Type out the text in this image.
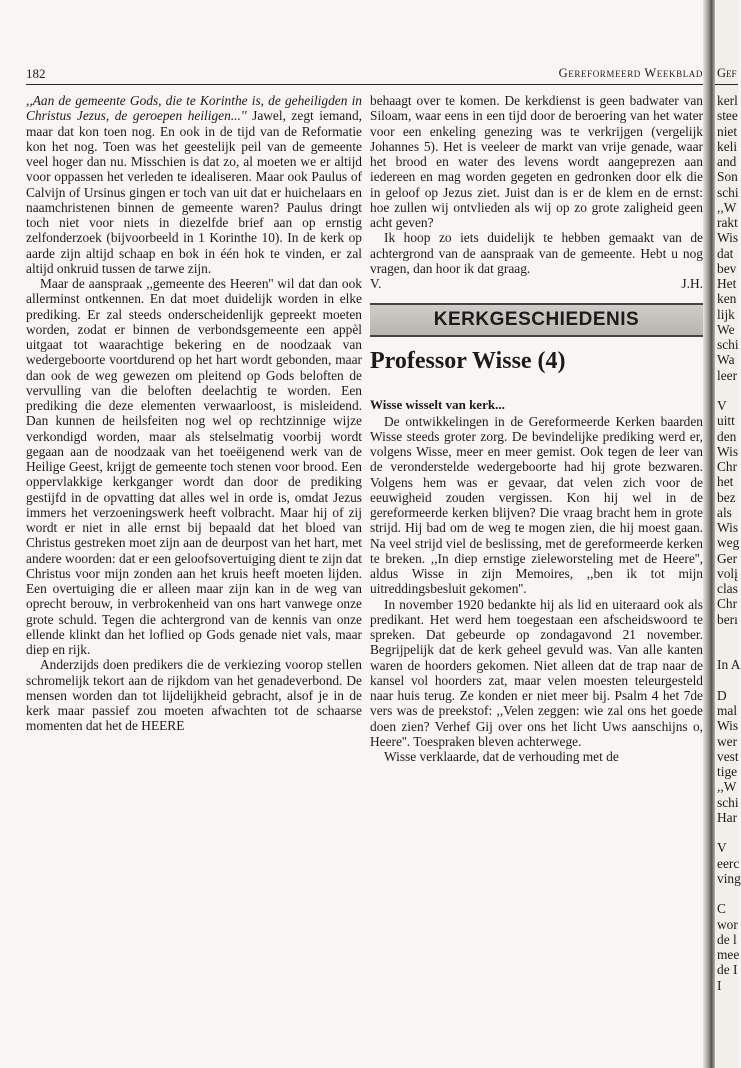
182	Gereformeerd Weekblad

,,Aan de gemeente Gods, die te Korinthe is, de geheiligden in Christus Jezus, de geroepen heiligen...'' Jawel, zegt iemand, maar dat kon toen nog. En ook in de tijd van de Reformatie kon het nog. Toen was het geestelijk peil van de gemeente veel hoger dan nu. Misschien is dat zo, al moeten we er altijd voor oppassen het verleden te idealiseren. Maar ook Paulus of Calvijn of Ursinus gingen er toch van uit dat er huichelaars en naamchristenen binnen de gemeente waren? Paulus dringt toch niet voor niets in diezelfde brief aan op ernstig zelfonderzoek (bijvoorbeeld in 1 Korinthe 10). In de kerk op aarde zijn altijd schaap en bok in één hok te vinden, er zal altijd onkruid tussen de tarwe zijn.

Maar de aanspraak ,,gemeente des Heeren'' wil dat dan ook allerminst ontkennen. En dat moet duidelijk worden in elke prediking. Er zal steeds onderscheidenlijk gepreekt moeten worden, zodat er binnen de verbondsgemeente een appèl uitgaat tot waarachtige bekering en de noodzaak van wedergeboorte voortdurend op het hart wordt gebonden, maar dan ook de weg gewezen om pleitend op Gods beloften de vervulling van die beloften deelachtig te worden. Een prediking die deze elementen verwaarloost, is misleidend. Dan kunnen de heilsfeiten nog wel op rechtzinnige wijze verkondigd worden, maar als stelselmatig voorbij wordt gegaan aan de noodzaak van het toeëigenend werk van de Heilige Geest, krijgt de gemeente toch stenen voor brood. Een oppervlakkige kerkganger wordt dan door de prediking gestijfd in de opvatting dat alles wel in orde is, omdat Jezus immers het verzoeningswerk heeft volbracht. Maar hij of zij wordt er niet in alle ernst bij bepaald dat het bloed van Christus gestreken moet zijn aan de deurpost van het hart, met andere woorden: dat er een geloofsovertuiging dient te zijn dat Christus voor mijn zonden aan het kruis heeft moeten lijden. Een overtuiging die er alleen maar zijn kan in de weg van oprecht berouw, in verbrokenheid van ons hart vanwege onze grote schuld. Tegen die achtergrond van de kennis van onze ellende klinkt dan het loflied op Gods genade niet vals, maar diep en rijk.

Anderzijds doen predikers die de verkiezing voorop stellen schromelijk tekort aan de rijkdom van het genadeverbond. De mensen worden dan tot lijdelijkheid gebracht, alsof je in de kerk maar passief zou moeten afwachten tot de schaarse momenten dat het de HEERE

behaagt over te komen. De kerkdienst is geen badwater van Siloam, waar eens in een tijd door de beroering van het water voor een enkeling genezing was te verkrijgen (vergelijk Johannes 5). Het is veeleer de markt van vrije genade, waar het brood en water des levens wordt aangeprezen aan iedereen en mag worden gegeten en gedronken door elk die in geloof op Jezus ziet. Juist dan is er de klem en de ernst: hoe zullen wij ontvlieden als wij op zo grote zaligheid geen acht geven?

Ik hoop zo iets duidelijk te hebben gemaakt van de achtergrond van de aanspraak van de gemeente. Hebt u nog vragen, dan hoor ik dat graag.

V.	J.H.

KERKGESCHIEDENIS
Professor Wisse (4)
Wisse wisselt van kerk...

De ontwikkelingen in de Gereformeerde Kerken baarden Wisse steeds groter zorg. De bevindelijke prediking werd er, volgens Wisse, meer en meer gemist. Ook tegen de leer van de veronderstelde wedergeboorte had hij grote bezwaren. Volgens hem was er gevaar, dat velen zich voor de eeuwigheid zouden vergissen. Kon hij wel in de gereformeerde kerken blijven? Die vraag bracht hem in grote strijd. Hij bad om de weg te mogen zien, die hij moest gaan. Na veel strijd viel de beslissing, met de gereformeerde kerken te breken. ,,In diep ernstige zieleworsteling met de Heere'', aldus Wisse in zijn Memoires, ,,ben ik tot mijn uitreddingsbesluit gekomen''.

In november 1920 bedankte hij als lid en uiteraard ook als predikant. Het werd hem toegestaan een afscheidswoord te spreken. Dat gebeurde op zondagavond 21 november. Begrijpelijk dat de kerk geheel gevuld was. Van alle kanten waren de hoorders gekomen. Niet alleen dat de trap naar de kansel vol hoorders zat, maar velen moesten teleurgesteld naar huis terug. Ze konden er niet meer bij. Psalm 4 het 7de vers was de preekstof: ,,Velen zeggen: wie zal ons het goede doen zien? Verhef Gij over ons het licht Uws aanschijns o, Heere''. Toespraken bleven achterwege.

Wisse verklaarde, dat de verhouding met de

Gef
kerl
stee
niet
keli
and
Son
schi
,,W
rakt
Wis
dat
bev
Het
ken
lijk
We
schi
Wa
leer

V
uitt
den
Wis
Chr
het
bez
als
Wis
weg
Ger
volį
clas
Chr
berı

In A

D
mal
Wis
wer
vest
tige
,,W
schi
Har

V
eerc
ving

C
wor
de l
mee
de I
I
